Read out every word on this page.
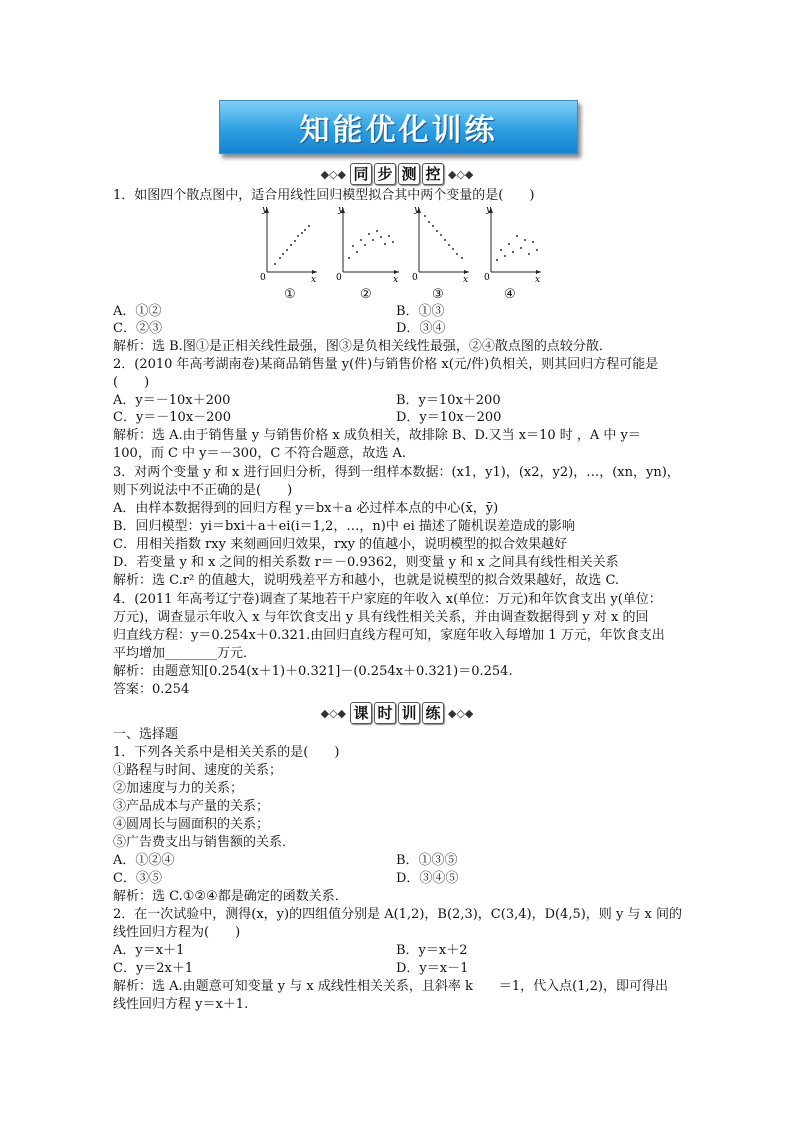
知能优化训练
◆◇◆ 同 步 测 控 ◆◇◆
1．如图四个散点图中，适合用线性回归模型拟合其中两个变量的是(　　)
y
x
0
y
x
0
y
x
0
y
x
0
①	②	③	④
A．①②	B．①③
C．②③	D．③④
解析：选 B.图①是正相关线性最强，图③是负相关线性最强，②④散点图的点较分散．
2．(2010 年高考湖南卷)某商品销售量 y(件)与销售价格 x(元/件)负相关，则其回归方程可能是
(　　)
A．y＝－10x＋200	B．y＝10x＋200
C．y＝－10x－200	D．y＝10x－200
解析：选 A.由于销售量 y 与销售价格 x 成负相关，故排除 B、D.又当 x＝10 时 ，A 中 y＝
100，而 C 中 y＝－300，C 不符合题意，故选 A.
3．对两个变量 y 和 x 进行回归分析，得到一组样本数据：(x1，y1)，(x2，y2)，…，(xn，yn)，
则下列说法中不正确的是(　　)
A．由样本数据得到的回归方程 y＝bx＋a 必过样本点的中心(x̄，ȳ)
B．回归模型：yi＝bxi＋a＋ei(i＝1,2，…，n)中 ei 描述了随机误差造成的影响
C．用相关指数 rxy 来刻画回归效果，rxy 的值越小，说明模型的拟合效果越好
D．若变量 y 和 x 之间的相关系数 r＝－0.9362，则变量 y 和 x 之间具有线性相关关系
解析：选 C.r² 的值越大，说明残差平方和越小，也就是说模型的拟合效果越好，故选 C.
4．(2011 年高考辽宁卷)调查了某地若干户家庭的年收入 x(单位：万元)和年饮食支出 y(单位：
万元)，调查显示年收入 x 与年饮食支出 y 具有线性相关关系，并由调查数据得到 y 对 x 的回
归直线方程：y＝0.254x＋0.321.由回归直线方程可知，家庭年收入每增加 1 万元，年饮食支出
平均增加________万元．
解析：由题意知[0.254(x＋1)＋0.321]－(0.254x＋0.321)＝0.254.
答案：0.254
◆◇◆ 课 时 训 练 ◆◇◆
一、选择题
1．下列各关系中是相关关系的是(　　)
①路程与时间、速度的关系；
②加速度与力的关系；
③产品成本与产量的关系；
④圆周长与圆面积的关系；
⑤广告费支出与销售额的关系．
A．①②④	B．①③⑤
C．③⑤	D．③④⑤
解析：选 C.①②④都是确定的函数关系．
2．在一次试验中，测得(x，y)的四组值分别是 A(1,2)，B(2,3)，C(3,4)，D(4,5)，则 y 与 x 间的
线性回归方程为(　　)
A．y＝x＋1	B．y＝x＋2
C．y＝2x＋1	D．y＝x－1
解析：选 A.由题意可知变量 y 与 x 成线性相关关系，且斜率 k　　＝1，代入点(1,2)，即可得出
线性回归方程 y＝x＋1.
